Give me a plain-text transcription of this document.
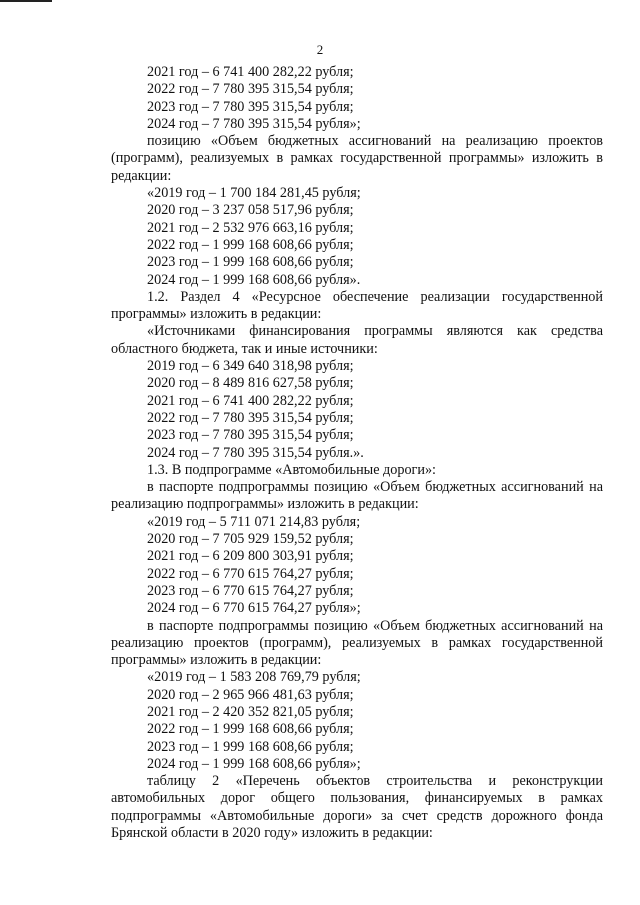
2
2021 год – 6 741 400 282,22 рубля;
2022 год – 7 780 395 315,54 рубля;
2023 год – 7 780 395 315,54 рубля;
2024 год – 7 780 395 315,54 рубля»;
позицию «Объем бюджетных ассигнований на реализацию проектов (программ), реализуемых в рамках государственной программы» изложить в редакции:
«2019 год – 1 700 184 281,45 рубля;
2020 год – 3 237 058 517,96 рубля;
2021 год – 2 532 976 663,16 рубля;
2022 год – 1 999 168 608,66 рубля;
2023 год – 1 999 168 608,66 рубля;
2024 год – 1 999 168 608,66 рубля».
1.2. Раздел 4 «Ресурсное обеспечение реализации государственной программы» изложить в редакции:
«Источниками финансирования программы являются как средства областного бюджета, так и иные источники:
2019 год – 6 349 640 318,98 рубля;
2020 год – 8 489 816 627,58 рубля;
2021 год – 6 741 400 282,22 рубля;
2022 год – 7 780 395 315,54 рубля;
2023 год – 7 780 395 315,54 рубля;
2024 год – 7 780 395 315,54 рубля.».
1.3. В подпрограмме «Автомобильные дороги»:
в паспорте подпрограммы позицию «Объем бюджетных ассигнований на реализацию подпрограммы» изложить в редакции:
«2019 год – 5 711 071 214,83 рубля;
2020 год – 7 705 929 159,52 рубля;
2021 год – 6 209 800 303,91 рубля;
2022 год – 6 770 615 764,27 рубля;
2023 год – 6 770 615 764,27 рубля;
2024 год – 6 770 615 764,27 рубля»;
в паспорте подпрограммы позицию «Объем бюджетных ассигнований на реализацию проектов (программ), реализуемых в рамках государственной программы» изложить в редакции:
«2019 год – 1 583 208 769,79 рубля;
2020 год – 2 965 966 481,63 рубля;
2021 год – 2 420 352 821,05 рубля;
2022 год – 1 999 168 608,66 рубля;
2023 год – 1 999 168 608,66 рубля;
2024 год – 1 999 168 608,66 рубля»;
таблицу 2 «Перечень объектов строительства и реконструкции автомобильных дорог общего пользования, финансируемых в рамках подпрограммы «Автомобильные дороги» за счет средств дорожного фонда Брянской области в 2020 году» изложить в редакции:
